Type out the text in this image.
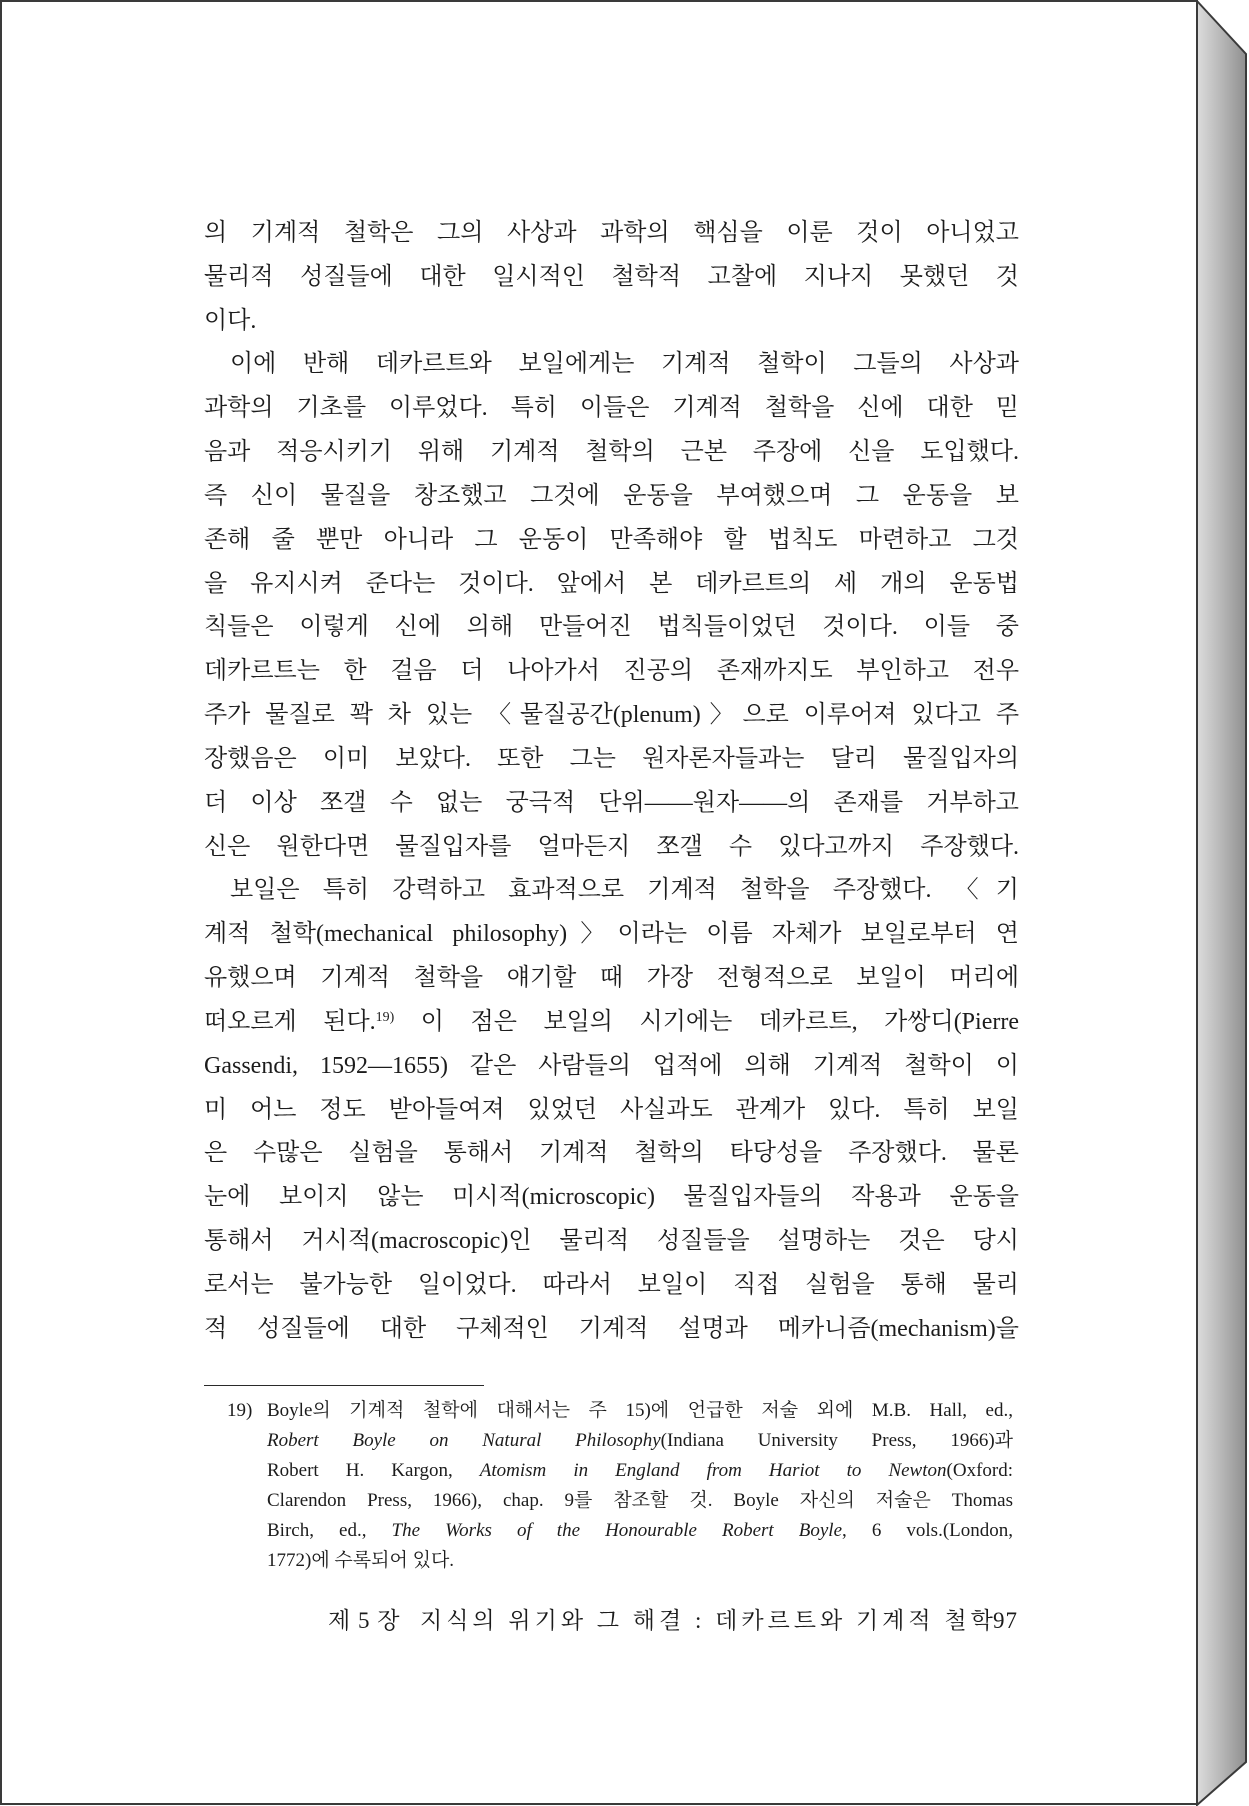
의 기계적 철학은 그의 사상과 과학의 핵심을 이룬 것이 아니었고
물리적 성질들에 대한 일시적인 철학적 고찰에 지나지 못했던 것
이다.
이에 반해 데카르트와 보일에게는 기계적 철학이 그들의 사상과
과학의 기초를 이루었다. 특히 이들은 기계적 철학을 신에 대한 믿
음과 적응시키기 위해 기계적 철학의 근본 주장에 신을 도입했다.
즉 신이 물질을 창조했고 그것에 운동을 부여했으며 그 운동을 보
존해 줄 뿐만 아니라 그 운동이 만족해야 할 법칙도 마련하고 그것
을 유지시켜 준다는 것이다. 앞에서 본 데카르트의 세 개의 운동법
칙들은 이렇게 신에 의해 만들어진 법칙들이었던 것이다. 이들 중
데카르트는 한 걸음 더 나아가서 진공의 존재까지도 부인하고 전우
주가 물질로 꽉 차 있는 〈물질공간(plenum)〉으로 이루어져 있다고 주
장했음은 이미 보았다. 또한 그는 원자론자들과는 달리 물질입자의
더 이상 쪼갤 수 없는 궁극적 단위——원자——의 존재를 거부하고
신은 원한다면 물질입자를 얼마든지 쪼갤 수 있다고까지 주장했다.
보일은 특히 강력하고 효과적으로 기계적 철학을 주장했다. 〈기
계적 철학(mechanical philosophy)〉이라는 이름 자체가 보일로부터 연
유했으며 기계적 철학을 얘기할 때 가장 전형적으로 보일이 머리에
떠오르게 된다.$^{19)}$ 이 점은 보일의 시기에는 데카르트, 가쌍디(Pierre
Gassendi, 1592—1655) 같은 사람들의 업적에 의해 기계적 철학이 이
미 어느 정도 받아들여져 있었던 사실과도 관계가 있다. 특히 보일
은 수많은 실험을 통해서 기계적 철학의 타당성을 주장했다. 물론
눈에 보이지 않는 미시적(microscopic) 물질입자들의 작용과 운동을
통해서 거시적(macroscopic)인 물리적 성질들을 설명하는 것은 당시
로서는 불가능한 일이었다. 따라서 보일이 직접 실험을 통해 물리
적 성질들에 대한 구체적인 기계적 설명과 메카니즘(mechanism)을
19) Boyle의 기계적 철학에 대해서는 주 15)에 언급한 저술 외에 M.B. Hall, ed.,
Robert Boyle on Natural Philosophy(Indiana University Press, 1966)과
Robert H. Kargon, Atomism in England from Hariot to Newton(Oxford:
Clarendon Press, 1966), chap. 9를 참조할 것. Boyle 자신의 저술은 Thomas
Birch, ed., The Works of the Honourable Robert Boyle, 6 vols.(London,
1772)에 수록되어 있다.
제 5 장 지식의 위기와 그 해결 : 데카르트와 기계적 철학
97
